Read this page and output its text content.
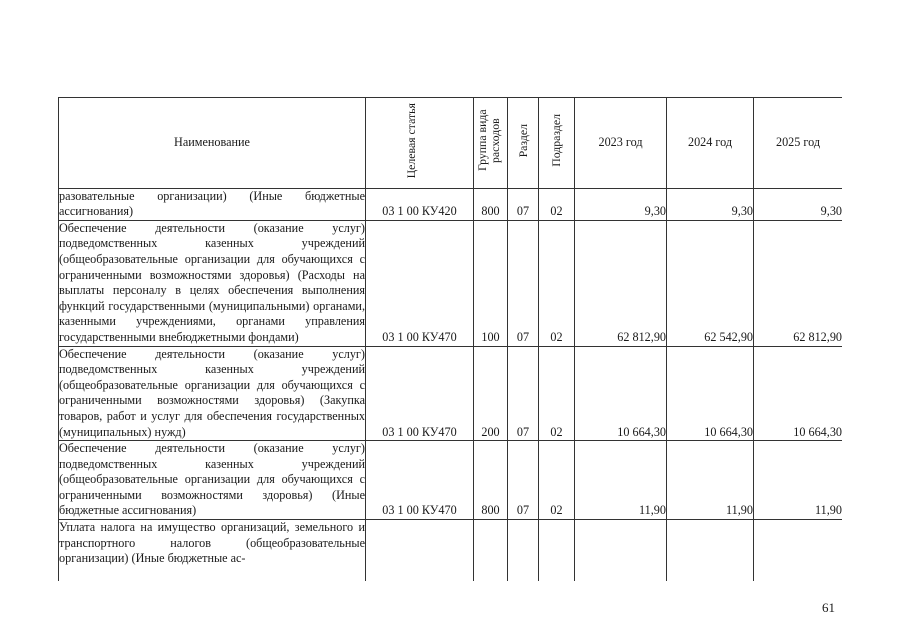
Наименование	Целевая статья	Группа вида расходов	Раздел	Подраздел	2023 год	2024 год	2025 год
разовательные организации) (Иные бюджетные ассигнования)	03 1 00 КУ420	800	07	02	9,30	9,30	9,30
Обеспечение деятельности (оказание услуг) подведомственных казенных учреждений (общеобразовательные организации для обучающихся с ограниченными возможностями здоровья) (Расходы на выплаты персоналу в целях обеспечения выполнения функций государственными (муниципальными) органами, казенными учреждениями, органами управления государственными внебюджетными фондами)	03 1 00 КУ470	100	07	02	62 812,90	62 542,90	62 812,90
Обеспечение деятельности (оказание услуг) подведомственных казенных учреждений (общеобразовательные организации для обучающихся с ограниченными возможностями здоровья) (Закупка товаров, работ и услуг для обеспечения государственных (муниципальных) нужд)	03 1 00 КУ470	200	07	02	10 664,30	10 664,30	10 664,30
Обеспечение деятельности (оказание услуг) подведомственных казенных учреждений (общеобразовательные организации для обучающихся с ограниченными возможностями здоровья) (Иные бюджетные ассигнования)	03 1 00 КУ470	800	07	02	11,90	11,90	11,90
Уплата налога на имущество организаций, земельного и транспортного налогов (общеобразовательные организации) (Иные бюджетные ас-							
61
